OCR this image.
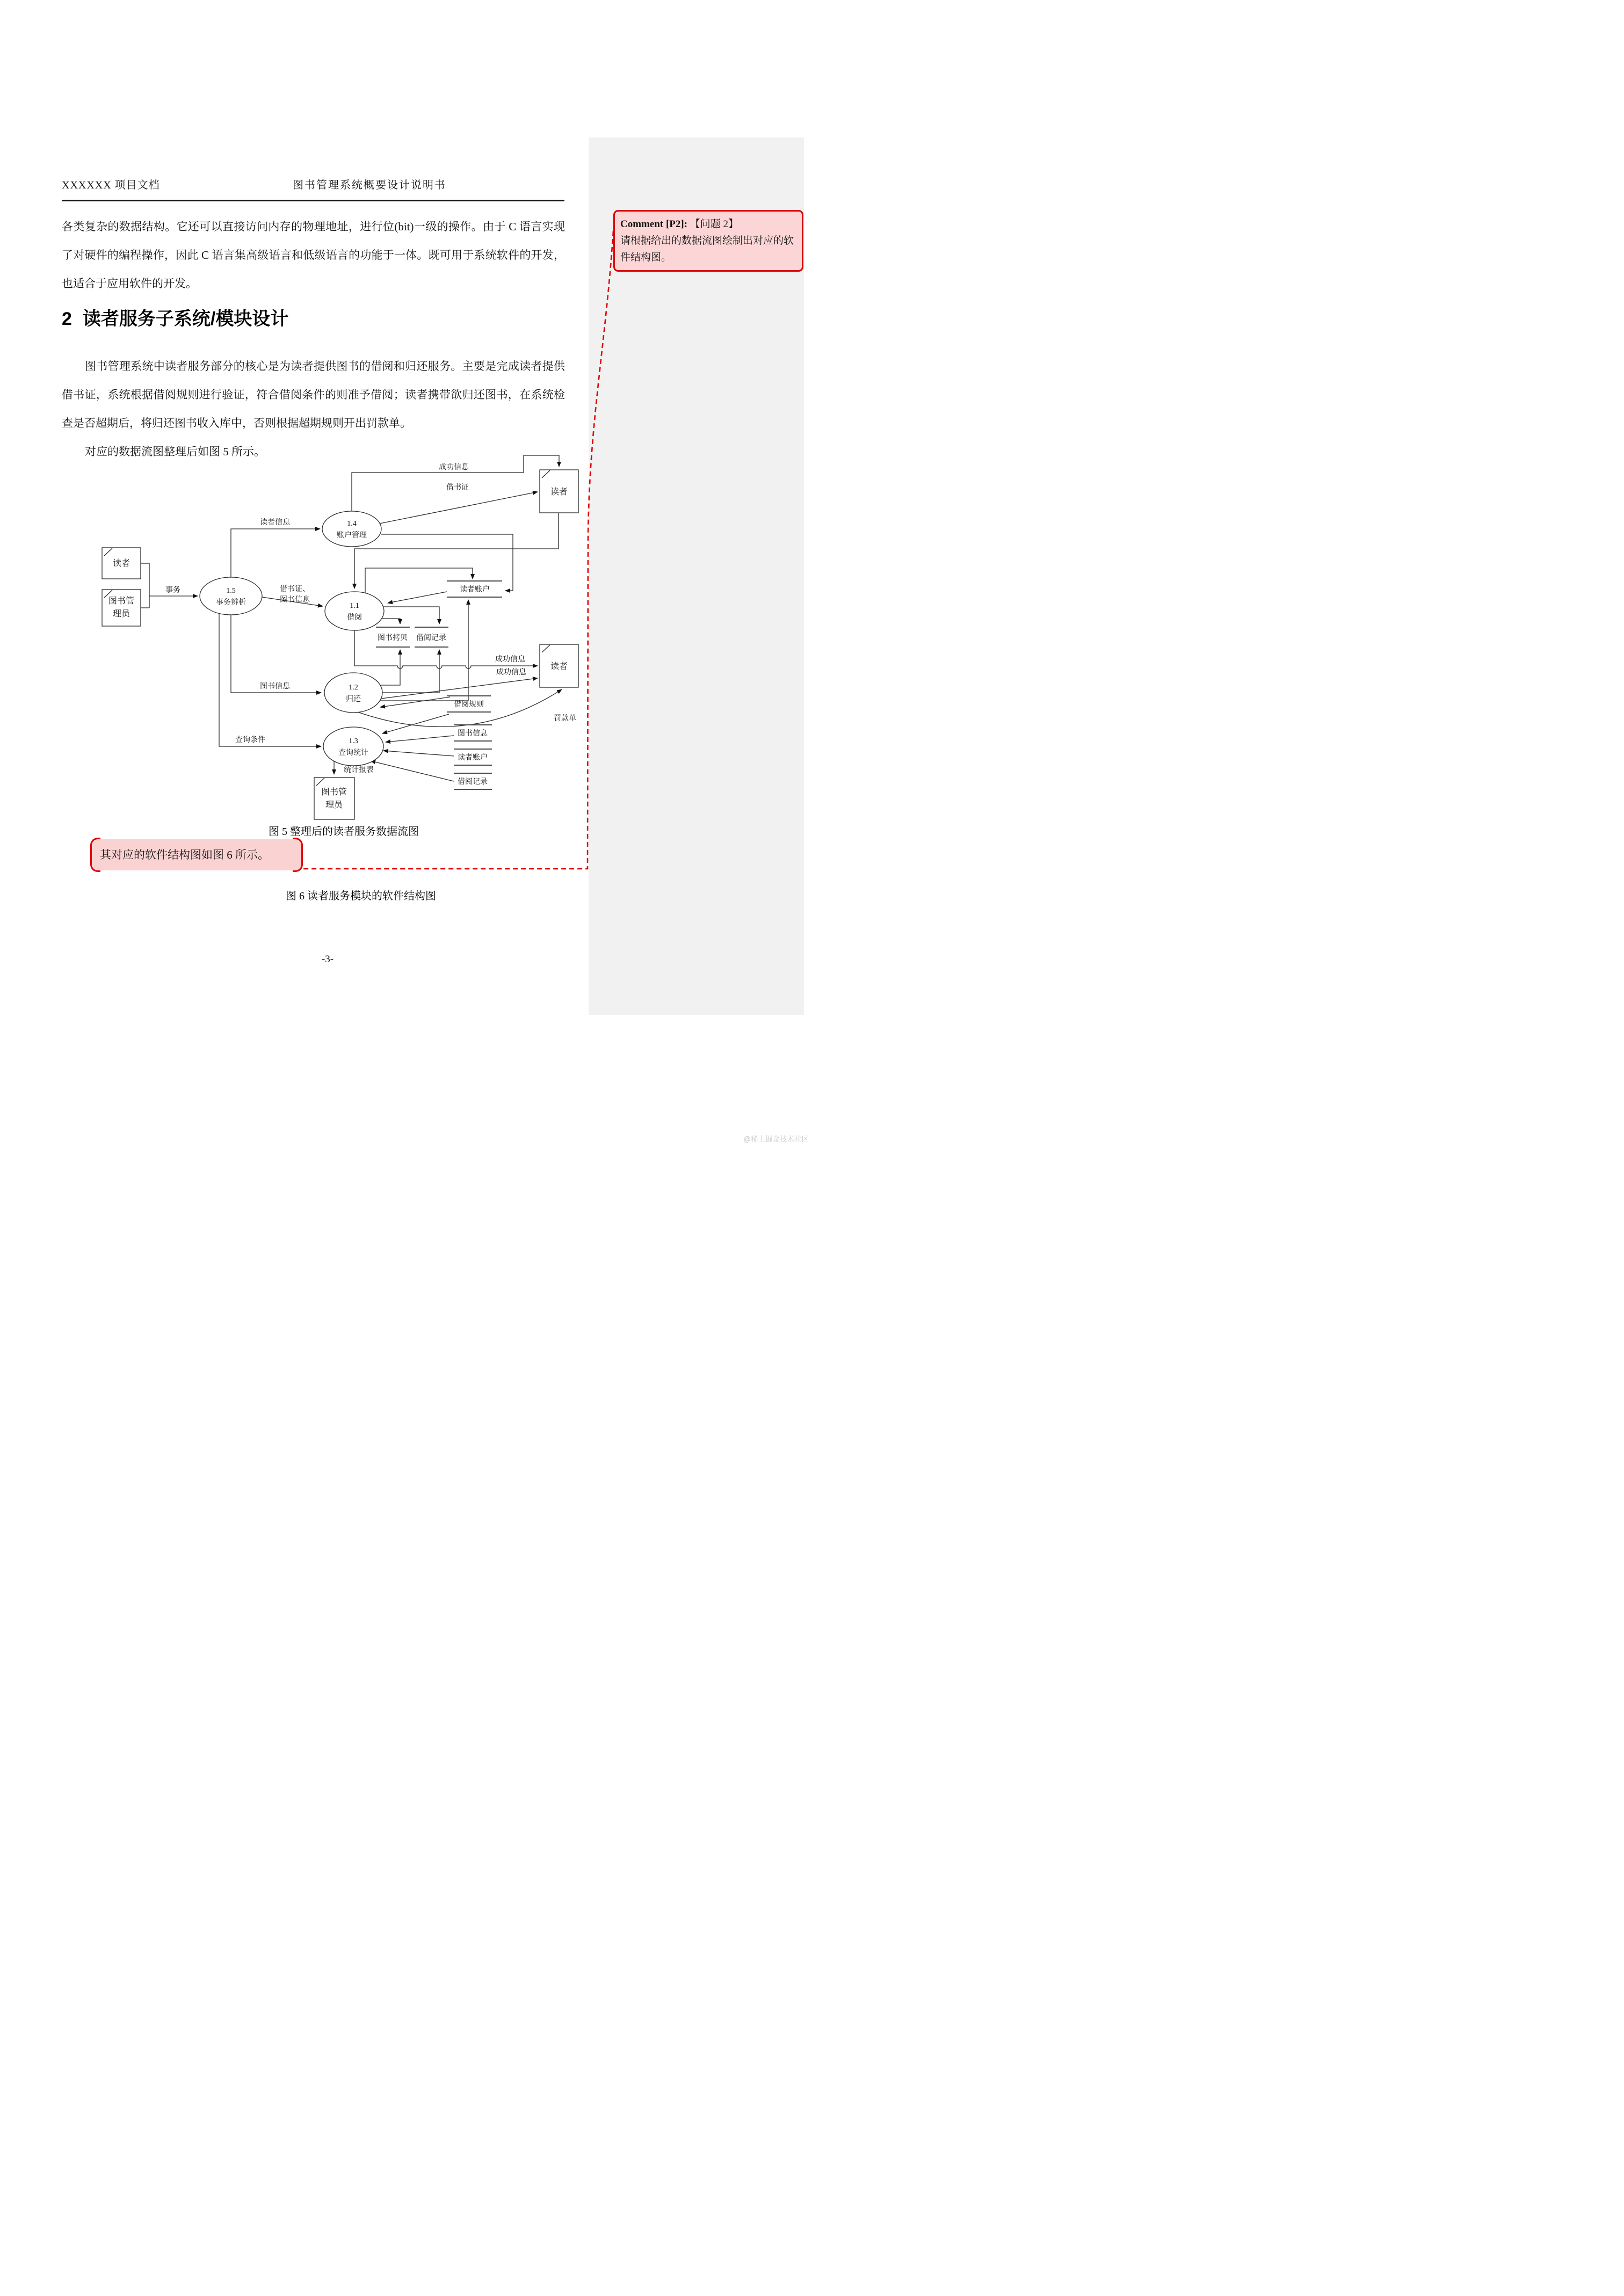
XXXXXX 项目文档	图书管理系统概要设计说明书
各类复杂的数据结构。它还可以直接访问内存的物理地址，进行位(bit)一级的操作。由于 C 语言实现了对硬件的编程操作，因此 C 语言集高级语言和低级语言的功能于一体。既可用于系统软件的开发，也适合于应用软件的开发。
2 读者服务子系统/模块设计
图书管理系统中读者服务部分的核心是为读者提供图书的借阅和归还服务。主要是完成读者提供借书证，系统根据借阅规则进行验证，符合借阅条件的则准予借阅；读者携带欲归还图书，在系统检查是否超期后，将归还图书收入库中，否则根据超期规则开出罚款单。
对应的数据流图整理后如图 5 所示。
读者
图书管
理员
读者
读者
图书管
理员
1.5
事务辨析
1.4
账户管理
1.1
借阅
1.2
归还
1.3
查询统计
读者账户
图书拷贝 借阅记录
借阅规则
图书信息
读者账户
借阅记录
事务
读者信息
成功信息
借书证
借书证、
图书信息
图书信息
查询条件
成功信息
成功信息
罚款单
统计报表
图 5 整理后的读者服务数据流图
其对应的软件结构图如图 6 所示。
图 6 读者服务模块的软件结构图
-3-
Comment [P2]: 【问题 2】
请根据给出的数据流图绘制出对应的软件结构图。
@稀土掘金技术社区
